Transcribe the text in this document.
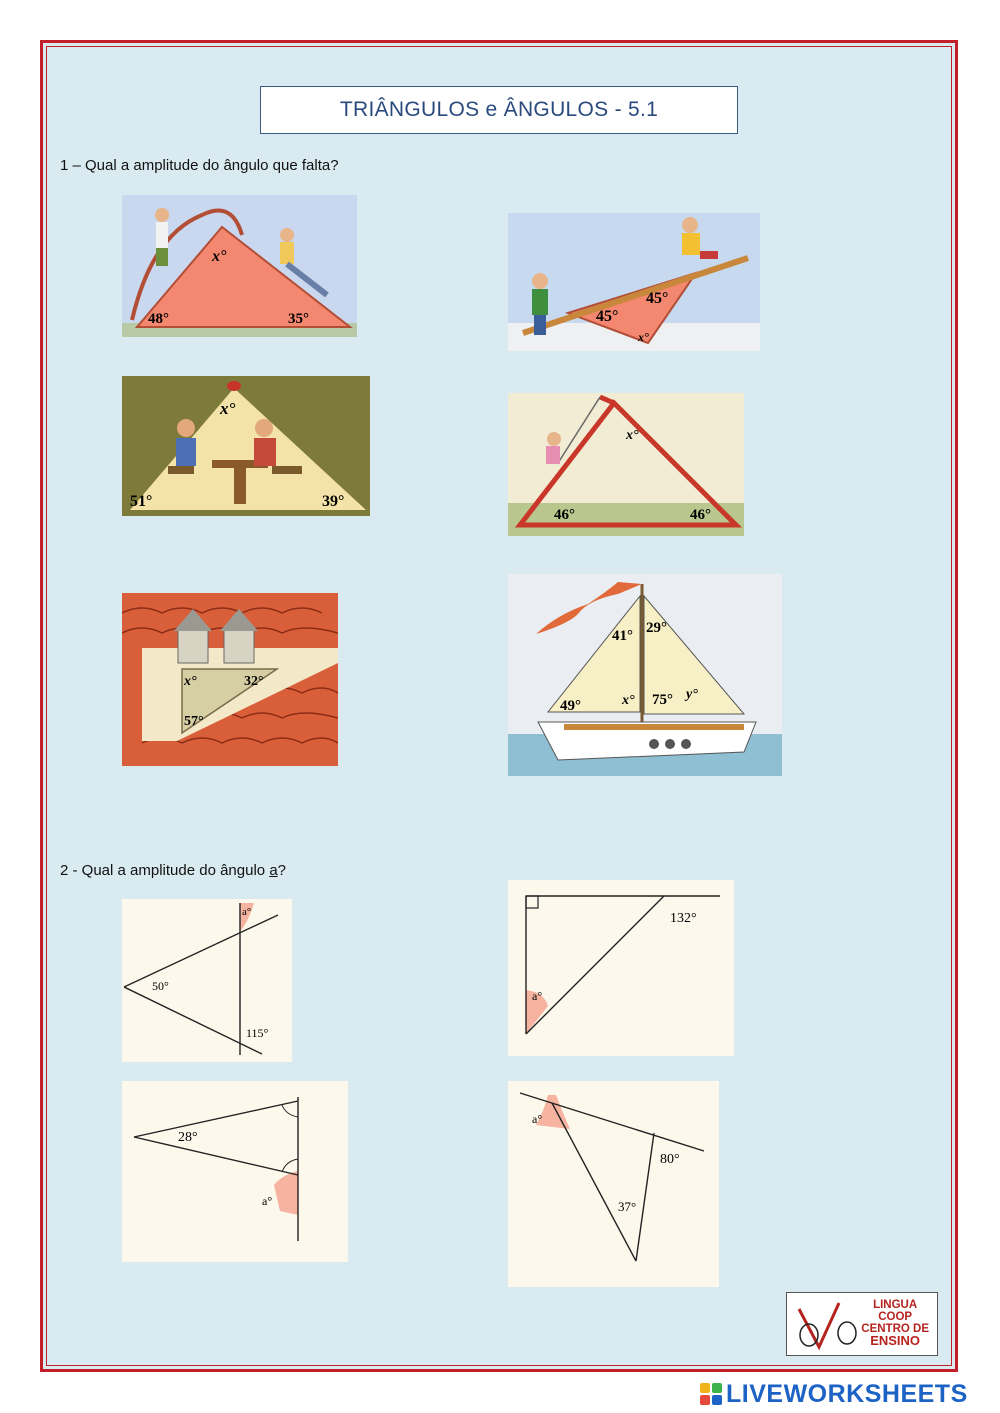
TRIÂNGULOS e ÂNGULOS - 5.1
1 – Qual a amplitude do ângulo que falta?
x°
48°	35°	45°
45°
x°
x°
51°	39°
x°
46°	46°
x°	32°
57°
41° 29°
49°	x° 75° y°
2 - Qual a amplitude do ângulo a?
a°
50°
115°
132°
a°
28°
a°
a°
80°
37°
LINGUA
COOP
CENTRO DE
ENSINO
LIVEWORKSHEETS
